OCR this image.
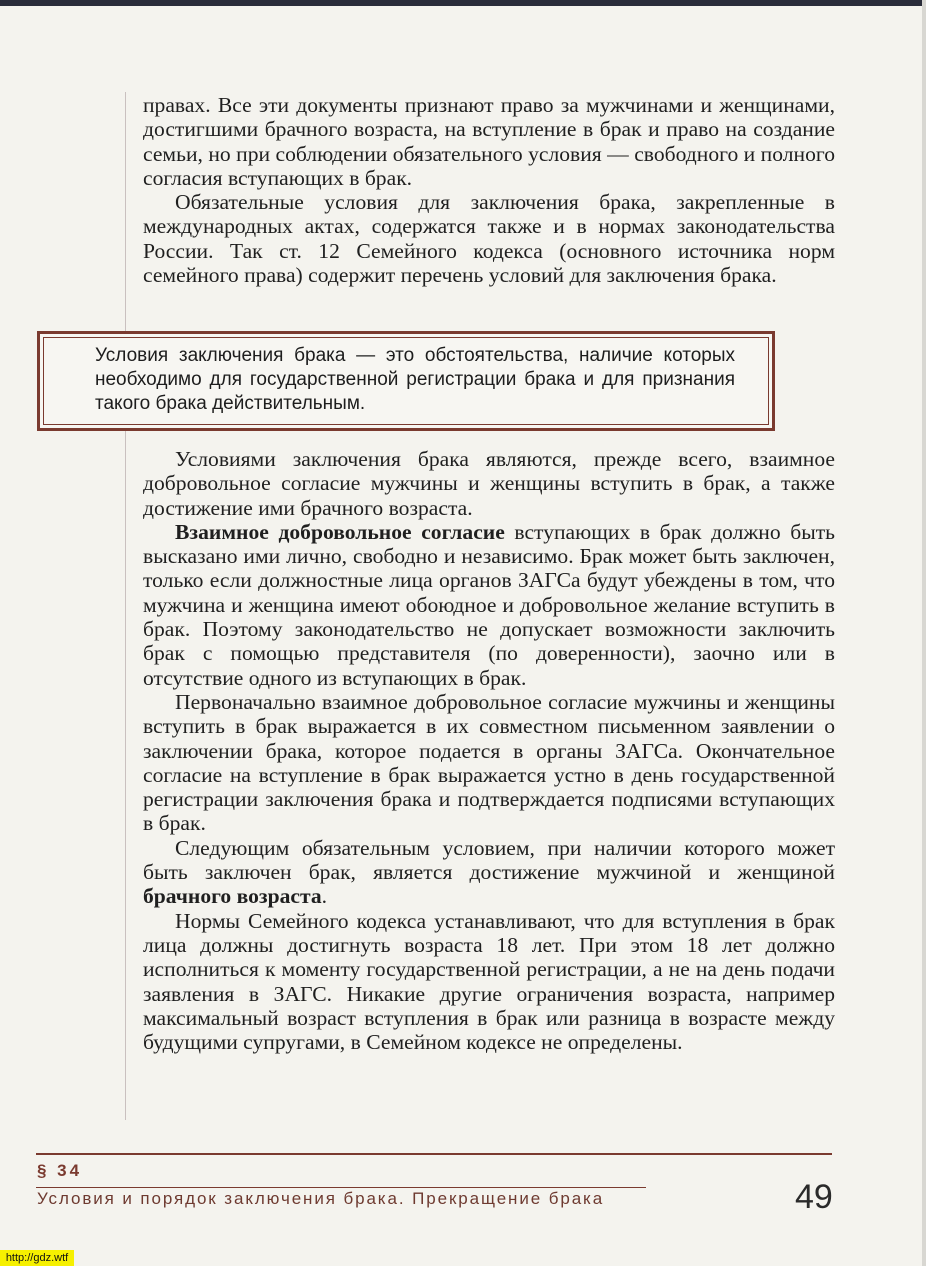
правах. Все эти документы признают право за мужчинами и женщинами, достигшими брачного возраста, на вступление в брак и право на создание семьи, но при соблюдении обязательного условия — свободного и полного согласия вступающих в брак.

Обязательные условия для заключения брака, закрепленные в международных актах, содержатся также и в нормах законодательства России. Так ст. 12 Семейного кодекса (основного источника норм семейного права) содержит перечень условий для заключения брака.

Условия заключения брака — это обстоятельства, наличие которых необходимо для государственной регистрации брака и для признания такого брака действительным.

Условиями заключения брака являются, прежде всего, взаимное добровольное согласие мужчины и женщины вступить в брак, а также достижение ими брачного возраста.

Взаимное добровольное согласие вступающих в брак должно быть высказано ими лично, свободно и независимо. Брак может быть заключен, только если должностные лица органов ЗАГСа будут убеждены в том, что мужчина и женщина имеют обоюдное и добровольное желание вступить в брак. Поэтому законодательство не допускает возможности заключить брак с помощью представителя (по доверенности), заочно или в отсутствие одного из вступающих в брак.

Первоначально взаимное добровольное согласие мужчины и женщины вступить в брак выражается в их совместном письменном заявлении о заключении брака, которое подается в органы ЗАГСа. Окончательное согласие на вступление в брак выражается устно в день государственной регистрации заключения брака и подтверждается подписями вступающих в брак.

Следующим обязательным условием, при наличии которого может быть заключен брак, является достижение мужчиной и женщиной брачного возраста.

Нормы Семейного кодекса устанавливают, что для вступления в брак лица должны достигнуть возраста 18 лет. При этом 18 лет должно исполниться к моменту государственной регистрации, а не на день подачи заявления в ЗАГС. Никакие другие ограничения возраста, например максимальный возраст вступления в брак или разница в возрасте между будущими супругами, в Семейном кодексе не определены.

§ 34
Условия и порядок заключения брака. Прекращение брака	49
http://gdz.wtf
